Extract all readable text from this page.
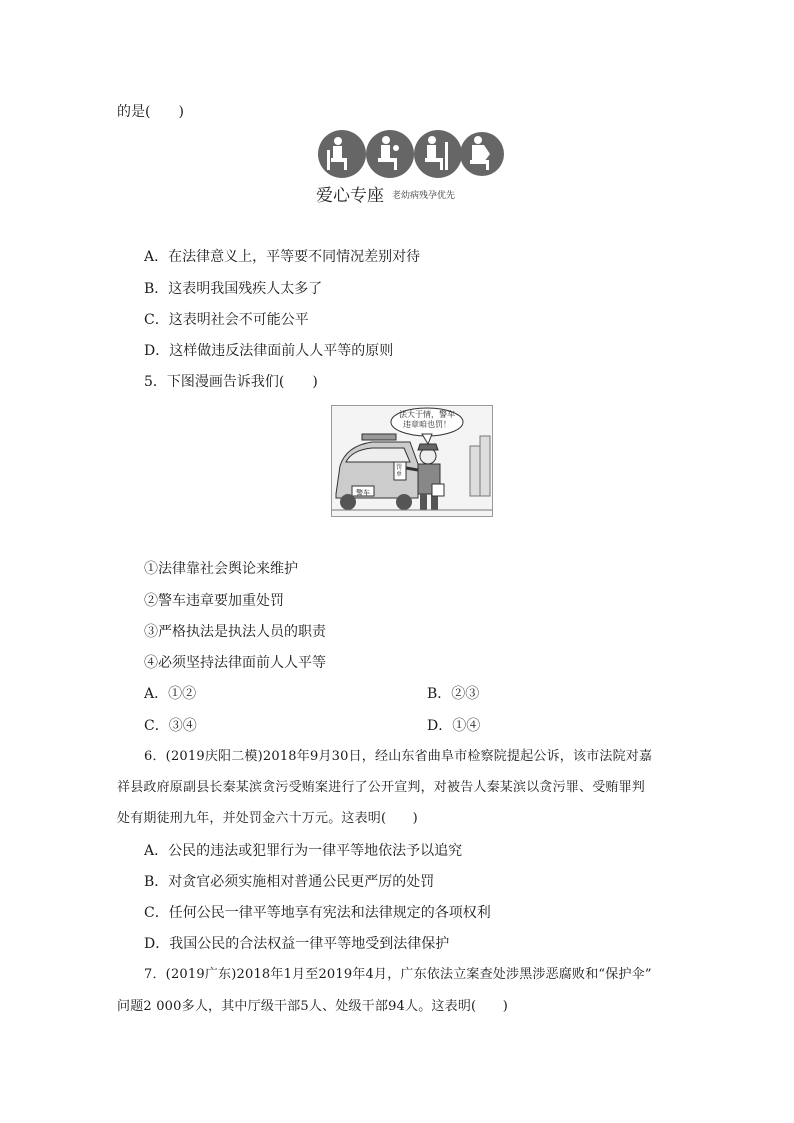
的是(　　)
爱心专座 老幼病残孕优先
A．在法律意义上，平等要不同情况差别对待
B．这表明我国残疾人太多了
C．这表明社会不可能公平
D．这样做违反法律面前人人平等的原则
5．下图漫画告诉我们(　　)
法大于情，警车违章咱也罚！
警车
罚单
①法律靠社会舆论来维护
②警车违章要加重处罚
③严格执法是执法人员的职责
④必须坚持法律面前人人平等
A．①②	B．②③
C．③④	D．①④
6．(2019庆阳二模)2018年9月30日，经山东省曲阜市检察院提起公诉，该市法院对嘉
祥县政府原副县长秦某滨贪污受贿案进行了公开宣判，对被告人秦某滨以贪污罪、受贿罪判
处有期徒刑九年，并处罚金六十万元。这表明(　　)
A．公民的违法或犯罪行为一律平等地依法予以追究
B．对贪官必须实施相对普通公民更严厉的处罚
C．任何公民一律平等地享有宪法和法律规定的各项权利
D．我国公民的合法权益一律平等地受到法律保护
7．(2019广东)2018年1月至2019年4月，广东依法立案查处涉黑涉恶腐败和“保护伞”
问题2 000多人，其中厅级干部5人、处级干部94人。这表明(　　)
